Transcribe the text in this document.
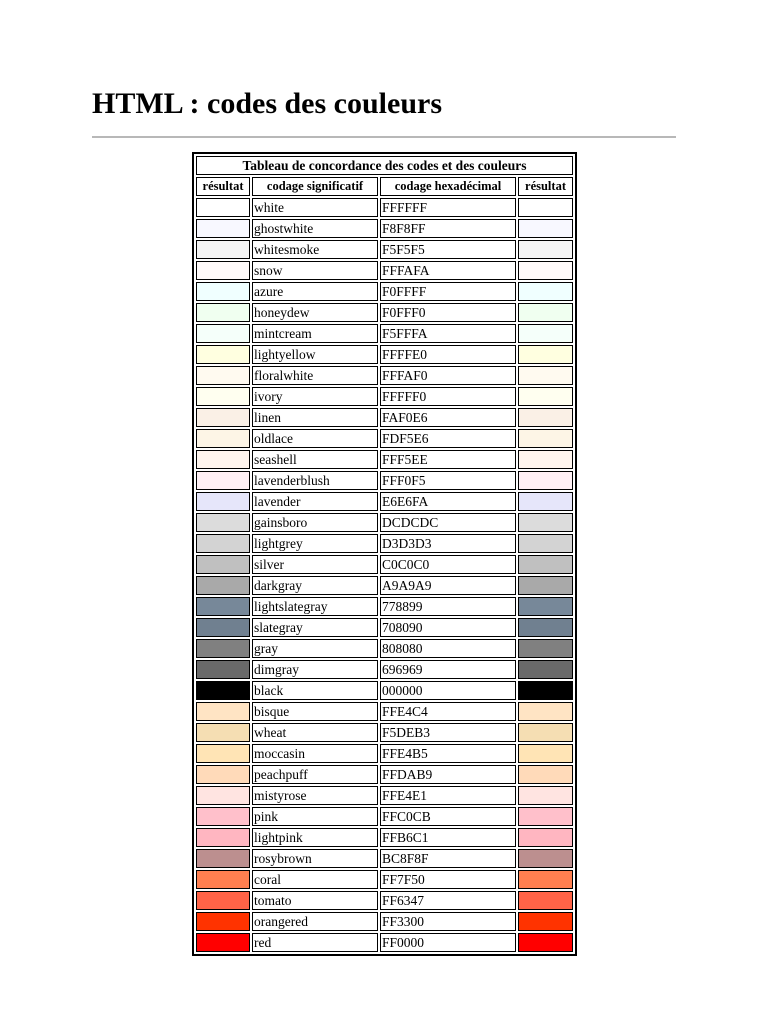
HTML : codes des couleurs
Tableau de concordance des codes et des couleurs			
résultat	codage significatif	codage hexadécimal	résultat
	white	FFFFFF	
	ghostwhite	F8F8FF	
	whitesmoke	F5F5F5	
	snow	FFFAFA	
	azure	F0FFFF	
	honeydew	F0FFF0	
	mintcream	F5FFFA	
	lightyellow	FFFFE0	
	floralwhite	FFFAF0	
	ivory	FFFFF0	
	linen	FAF0E6	
	oldlace	FDF5E6	
	seashell	FFF5EE	
	lavenderblush	FFF0F5	
	lavender	E6E6FA	
	gainsboro	DCDCDC	
	lightgrey	D3D3D3	
	silver	C0C0C0	
	darkgray	A9A9A9	
	lightslategray	778899	
	slategray	708090	
	gray	808080	
	dimgray	696969	
	black	000000	
	bisque	FFE4C4	
	wheat	F5DEB3	
	moccasin	FFE4B5	
	peachpuff	FFDAB9	
	mistyrose	FFE4E1	
	pink	FFC0CB	
	lightpink	FFB6C1	
	rosybrown	BC8F8F	
	coral	FF7F50	
	tomato	FF6347	
	orangered	FF3300	
	red	FF0000	
